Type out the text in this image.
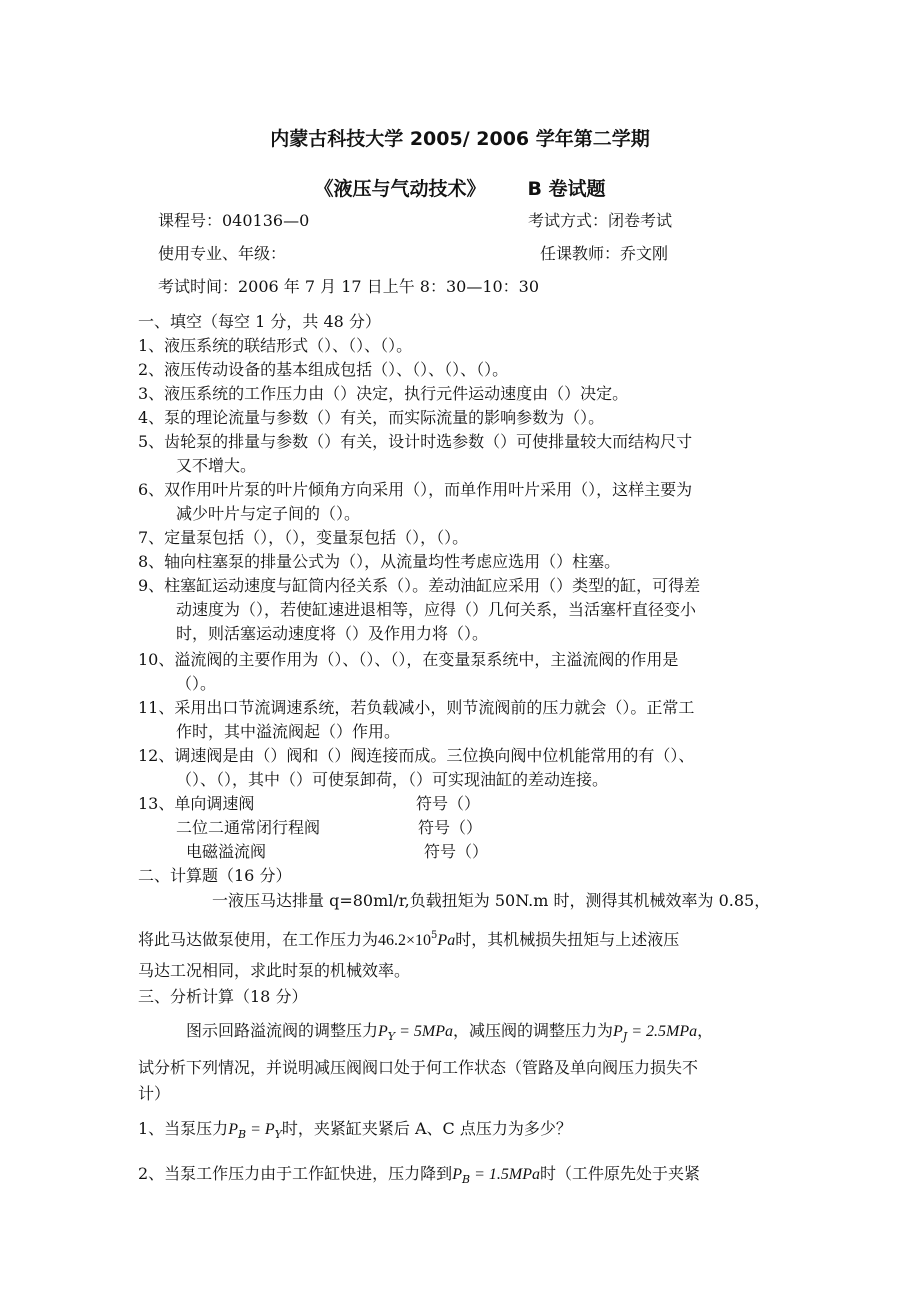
内蒙古科技大学 2005/ 2006 学年第二学期
《液压与气动技术》 B 卷试题
课程号：040136—0	考试方式：闭卷考试
使用专业、年级：	任课教师：乔文刚
考试时间：2006 年 7 月 17 日上午 8：30—10：30
一、填空（每空 1 分，共 48 分）
1、液压系统的联结形式（）、（）、（）。
2、液压传动设备的基本组成包括（）、（）、（）、（）。
3、液压系统的工作压力由（）决定，执行元件运动速度由（）决定。
4、泵的理论流量与参数（）有关，而实际流量的影响参数为（）。
5、齿轮泵的排量与参数（）有关，设计时选参数（）可使排量较大而结构尺寸
又不增大。
6、双作用叶片泵的叶片倾角方向采用（），而单作用叶片采用（），这样主要为
减少叶片与定子间的（）。
7、定量泵包括（），（），变量泵包括（），（）。
8、轴向柱塞泵的排量公式为（），从流量均性考虑应选用（）柱塞。
9、柱塞缸运动速度与缸筒内径关系（）。差动油缸应采用（）类型的缸，可得差
动速度为（），若使缸速进退相等，应得（）几何关系，当活塞杆直径变小
时，则活塞运动速度将（）及作用力将（）。
10、溢流阀的主要作用为（）、（）、（），在变量泵系统中，主溢流阀的作用是
（）。
11、采用出口节流调速系统，若负载减小，则节流阀前的压力就会（）。正常工
作时，其中溢流阀起（）作用。
12、调速阀是由（）阀和（）阀连接而成。三位换向阀中位机能常用的有（）、
（）、（），其中（）可使泵卸荷，（）可实现油缸的差动连接。
13、单向调速阀	符号（）
二位二通常闭行程阀	符号（）
电磁溢流阀	符号（）
二、计算题（16 分）
一液压马达排量 q=80ml/r,负载扭矩为 50N.m 时，测得其机械效率为 0.85，
将此马达做泵使用，在工作压力为$46.2\times 10^5Pa$时，其机械损失扭矩与上述液压
马达工况相同，求此时泵的机械效率。
三、分析计算（18 分）
图示回路溢流阀的调整压力$P_Y = 5MPa$，减压阀的调整压力为$P_J = 2.5MPa$，
试分析下列情况，并说明减压阀阀口处于何工作状态（管路及单向阀压力损失不
计）
1、当泵压力$P_B = P_Y$时，夹紧缸夹紧后 A、C 点压力为多少？
2、当泵工作压力由于工作缸快进，压力降到$P_B = 1.5MPa$时（工件原先处于夹紧
